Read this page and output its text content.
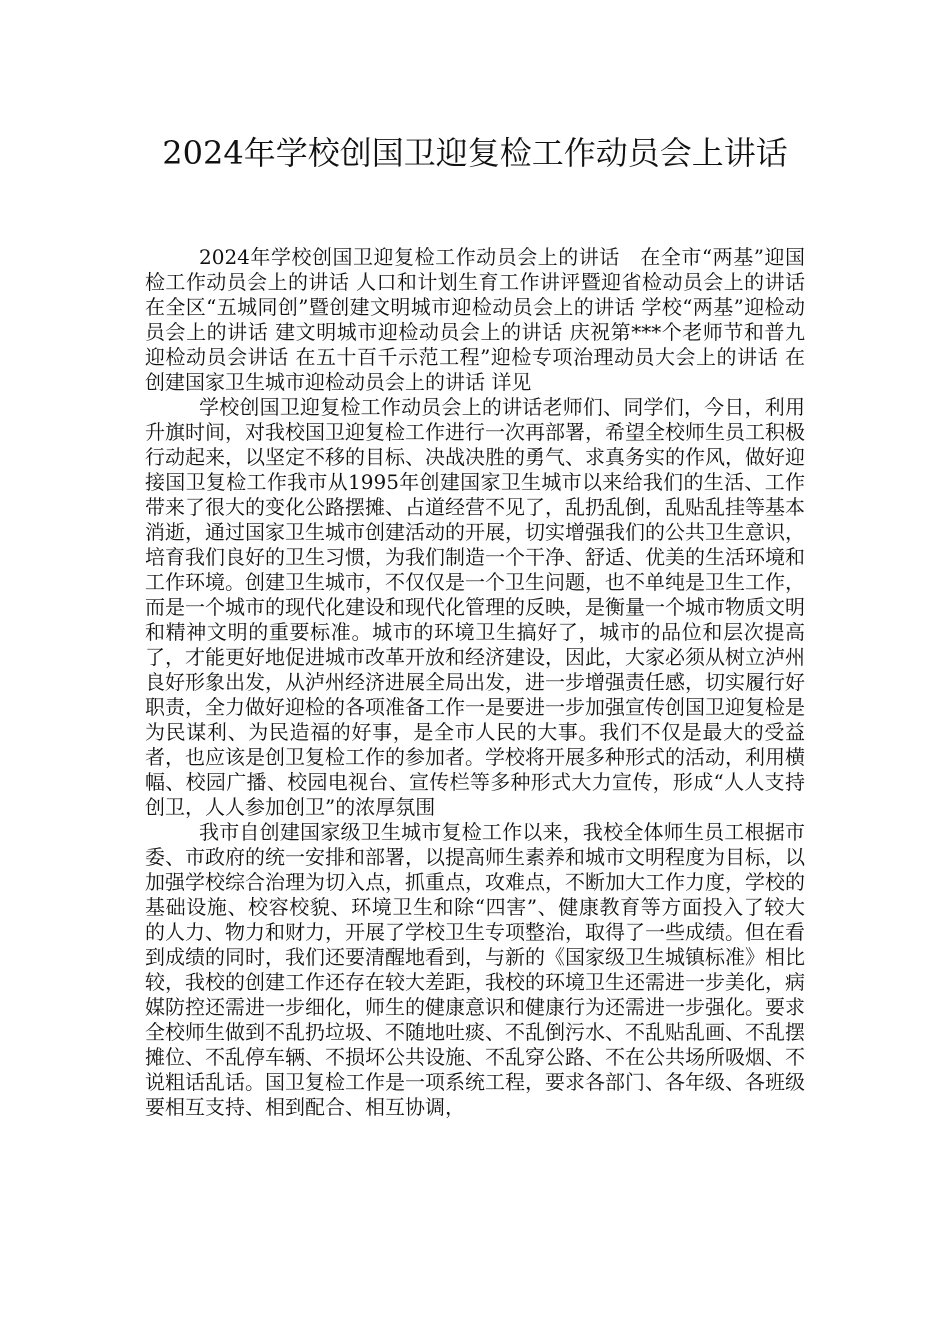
2024年学校创国卫迎复检工作动员会上讲话

2024年学校创国卫迎复检工作动员会上的讲话　在全市“两基”迎国检工作动员会上的讲话 人口和计划生育工作讲评暨迎省检动员会上的讲话 在全区“五城同创”暨创建文明城市迎检动员会上的讲话 学校“两基”迎检动员会上的讲话 建文明城市迎检动员会上的讲话 庆祝第***个老师节和普九迎检动员会讲话 在五十百千示范工程”迎检专项治理动员大会上的讲话 在创建国家卫生城市迎检动员会上的讲话 详见

学校创国卫迎复检工作动员会上的讲话老师们、同学们，今日，利用升旗时间，对我校国卫迎复检工作进行一次再部署，希望全校师生员工积极行动起来，以坚定不移的目标、决战决胜的勇气、求真务实的作风，做好迎接国卫复检工作我市从1995年创建国家卫生城市以来给我们的生活、工作带来了很大的变化公路摆摊、占道经营不见了，乱扔乱倒，乱贴乱挂等基本消逝，通过国家卫生城市创建活动的开展，切实增强我们的公共卫生意识，培育我们良好的卫生习惯，为我们制造一个干净、舒适、优美的生活环境和工作环境。创建卫生城市，不仅仅是一个卫生问题，也不单纯是卫生工作，而是一个城市的现代化建设和现代化管理的反映，是衡量一个城市物质文明和精神文明的重要标准。城市的环境卫生搞好了，城市的品位和层次提高了，才能更好地促进城市改革开放和经济建设，因此，大家必须从树立泸州良好形象出发，从泸州经济进展全局出发，进一步增强责任感，切实履行好职责，全力做好迎检的各项准备工作一是要进一步加强宣传创国卫迎复检是为民谋利、为民造福的好事，是全市人民的大事。我们不仅是最大的受益者，也应该是创卫复检工作的参加者。学校将开展多种形式的活动，利用横幅、校园广播、校园电视台、宣传栏等多种形式大力宣传，形成“人人支持创卫，人人参加创卫”的浓厚氛围

我市自创建国家级卫生城市复检工作以来，我校全体师生员工根据市委、市政府的统一安排和部署，以提高师生素养和城市文明程度为目标，以加强学校综合治理为切入点，抓重点，攻难点，不断加大工作力度，学校的基础设施、校容校貌、环境卫生和除“四害”、健康教育等方面投入了较大的人力、物力和财力，开展了学校卫生专项整治，取得了一些成绩。但在看到成绩的同时，我们还要清醒地看到，与新的《国家级卫生城镇标准》相比较，我校的创建工作还存在较大差距，我校的环境卫生还需进一步美化，病媒防控还需进一步细化，师生的健康意识和健康行为还需进一步强化。要求全校师生做到不乱扔垃圾、不随地吐痰、不乱倒污水、不乱贴乱画、不乱摆摊位、不乱停车辆、不损坏公共设施、不乱穿公路、不在公共场所吸烟、不说粗话乱话。国卫复检工作是一项系统工程，要求各部门、各年级、各班级要相互支持、相到配合、相互协调，
